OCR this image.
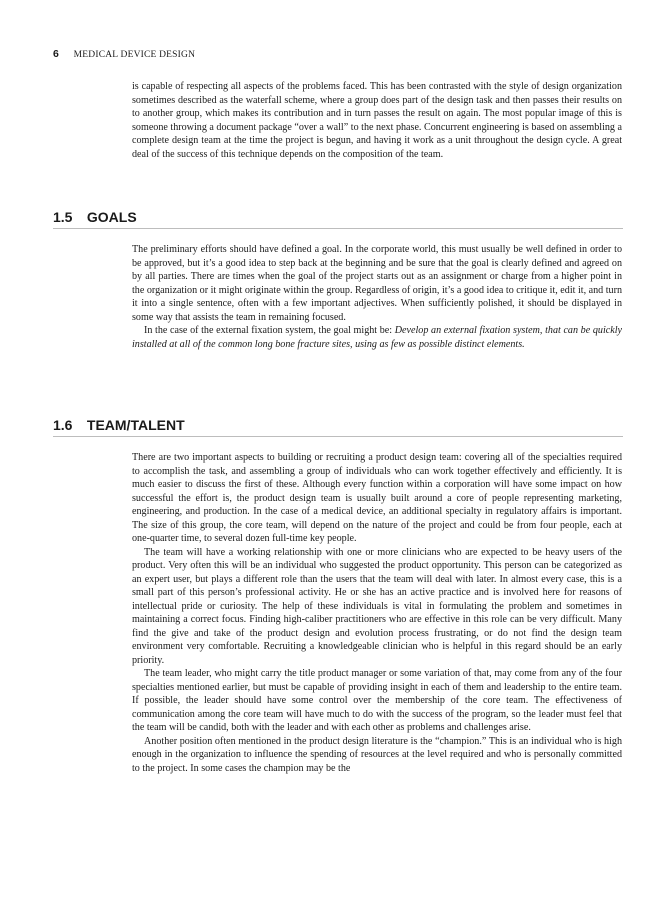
6 MEDICAL DEVICE DESIGN

is capable of respecting all aspects of the problems faced. This has been contrasted with the style of design organization sometimes described as the waterfall scheme, where a group does part of the design task and then passes their results on to another group, which makes its contribution and in turn passes the result on again. The most popular image of this is someone throwing a document package “over a wall” to the next phase. Concurrent engineering is based on assembling a complete design team at the time the project is begun, and having it work as a unit throughout the design cycle. A great deal of the success of this technique depends on the composition of the team.

1.5 GOALS

The preliminary efforts should have defined a goal. In the corporate world, this must usually be well defined in order to be approved, but it’s a good idea to step back at the beginning and be sure that the goal is clearly defined and agreed on by all parties. There are times when the goal of the project starts out as an assignment or charge from a higher point in the organization or it might originate within the group. Regardless of origin, it’s a good idea to critique it, edit it, and turn it into a single sentence, often with a few important adjectives. When sufficiently polished, it should be displayed in some way that assists the team in remaining focused.

In the case of the external fixation system, the goal might be: Develop an external fixation system, that can be quickly installed at all of the common long bone fracture sites, using as few as possible distinct elements.

1.6 TEAM/TALENT

There are two important aspects to building or recruiting a product design team: covering all of the specialties required to accomplish the task, and assembling a group of individuals who can work together effectively and efficiently. It is much easier to discuss the first of these. Although every function within a corporation will have some impact on how successful the effort is, the product design team is usually built around a core of people representing marketing, engineering, and production. In the case of a medical device, an additional specialty in regulatory affairs is important. The size of this group, the core team, will depend on the nature of the project and could be from four people, each at one-quarter time, to several dozen full-time key people.

The team will have a working relationship with one or more clinicians who are expected to be heavy users of the product. Very often this will be an individual who suggested the product opportunity. This person can be categorized as an expert user, but plays a different role than the users that the team will deal with later. In almost every case, this is a small part of this person’s professional activity. He or she has an active practice and is involved here for reasons of intellectual pride or curiosity. The help of these individuals is vital in formulating the problem and sometimes in maintaining a correct focus. Finding high-caliber practitioners who are effective in this role can be very difficult. Many find the give and take of the product design and evolution process frustrating, or do not find the design team environment very comfortable. Recruiting a knowledgeable clinician who is helpful in this regard should be an early priority.

The team leader, who might carry the title product manager or some variation of that, may come from any of the four specialties mentioned earlier, but must be capable of providing insight in each of them and leadership to the entire team. If possible, the leader should have some control over the membership of the core team. The effectiveness of communication among the core team will have much to do with the success of the program, so the leader must feel that the team will be candid, both with the leader and with each other as problems and challenges arise.

Another position often mentioned in the product design literature is the “champion.” This is an individual who is high enough in the organization to influence the spending of resources at the level required and who is personally committed to the project. In some cases the champion may be the
